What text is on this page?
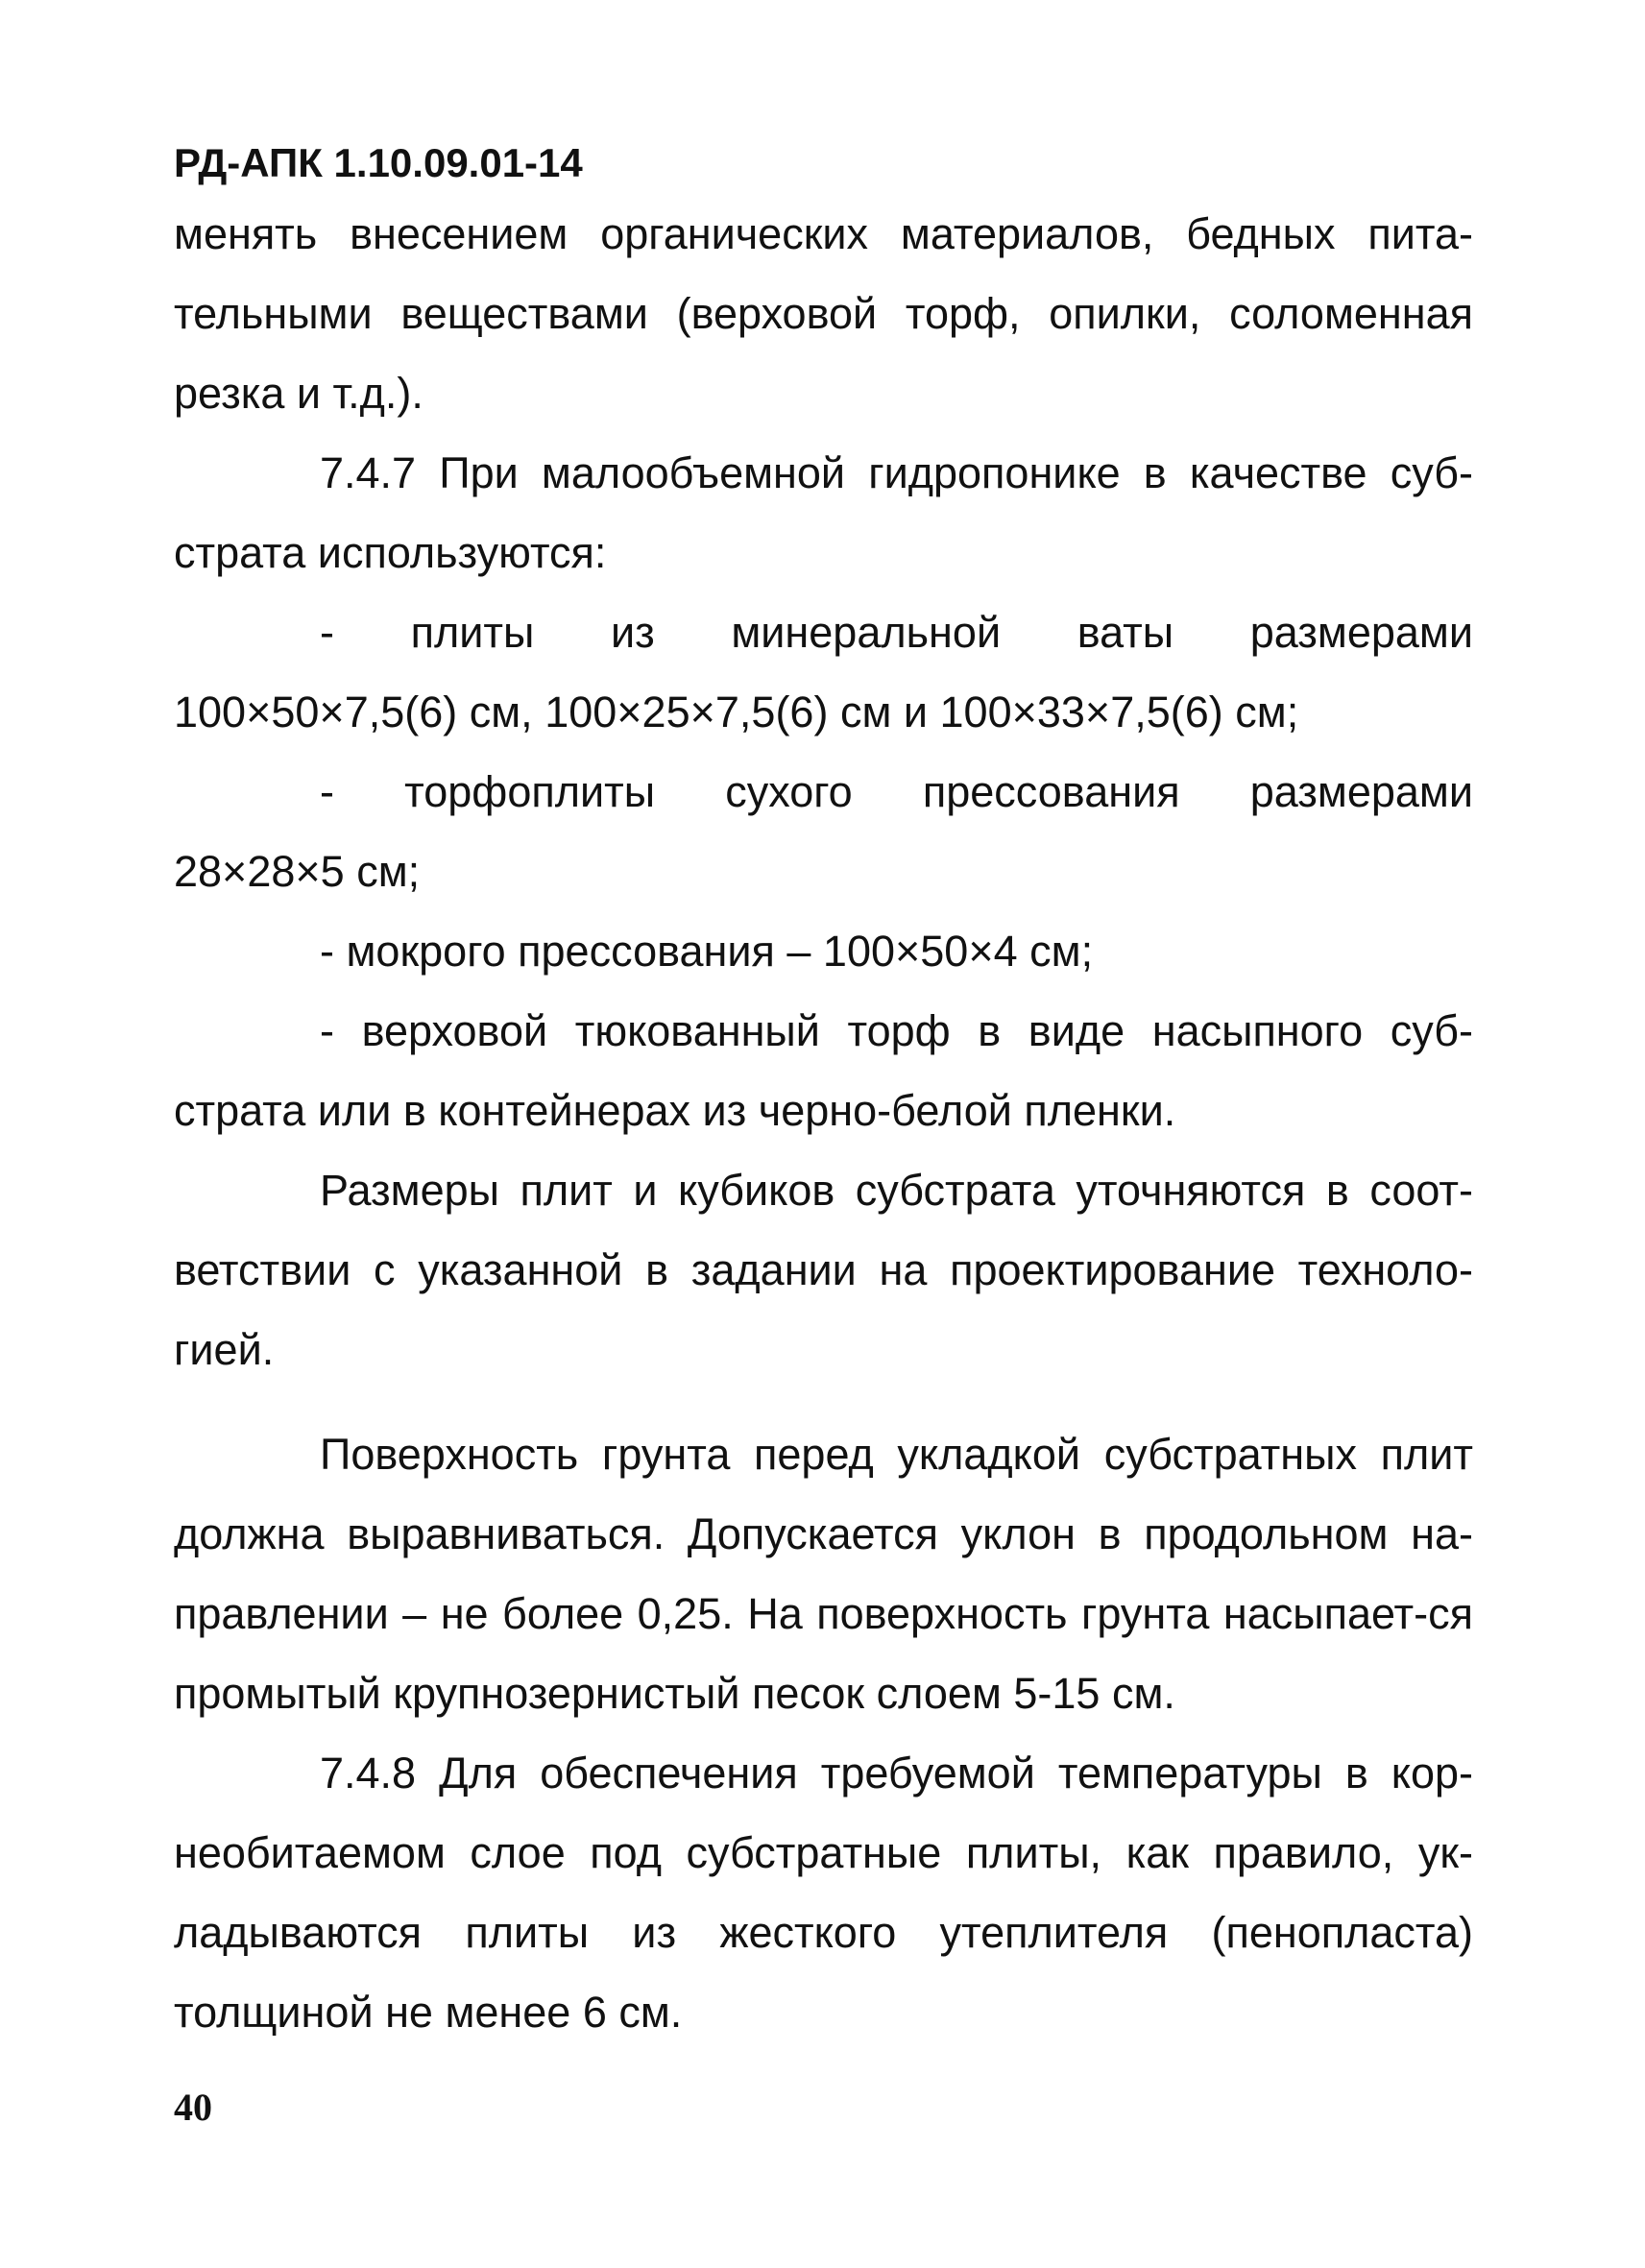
РД-АПК 1.10.09.01-14

менять внесением органических материалов, бедных пита-тельными веществами (верховой торф, опилки, соломенная резка и т.д.).

7.4.7 При малообъемной гидропонике в качестве суб-страта используются:

- плиты из минеральной ваты размерами

100×50×7,5(6) см, 100×25×7,5(6) см и 100×33×7,5(6) см;

- торфоплиты сухого прессования размерами

28×28×5 см;

- мокрого прессования – 100×50×4 см;

- верховой тюкованный торф в виде насыпного суб-страта или в контейнерах из черно-белой пленки.

Размеры плит и кубиков субстрата уточняются в соот-ветствии с указанной в задании на проектирование техноло-гией.

Поверхность грунта перед укладкой субстратных плит должна выравниваться. Допускается уклон в продольном на-правлении – не более 0,25. На поверхность грунта насыпает-ся промытый крупнозернистый песок слоем 5-15 см.

7.4.8 Для обеспечения требуемой температуры в кор-необитаемом слое под субстратные плиты, как правило, ук-ладываются плиты из жесткого утеплителя (пенопласта) толщиной не менее 6 см.

40
